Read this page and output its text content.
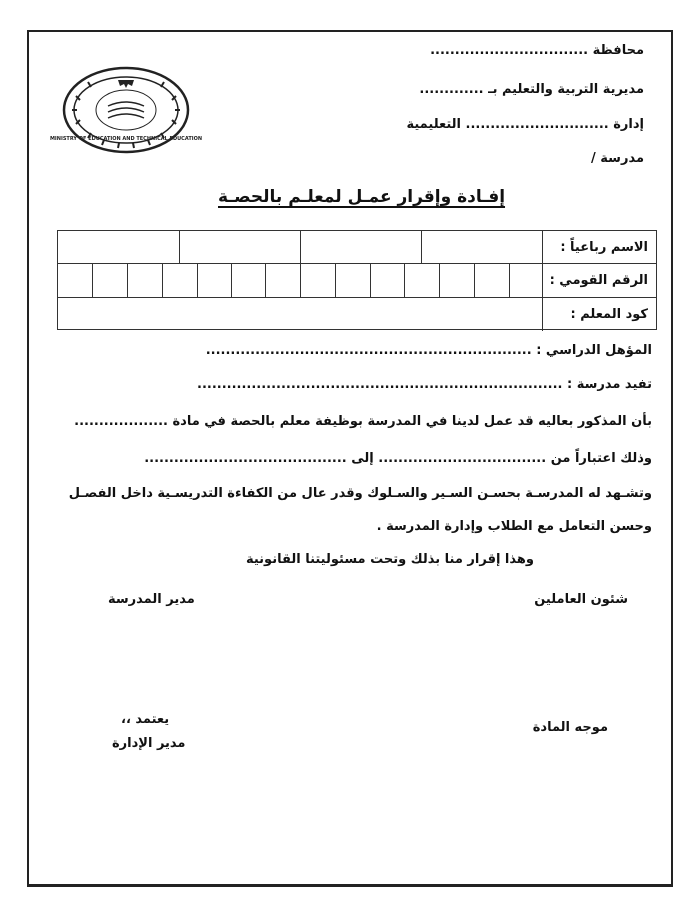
محافظة ................................
مديرية التربية والتعليم بـ .............
إدارة ............................. التعليمية
مدرسة /
MINISTRY OF EDUCATION AND TECHNICAL EDUCATION
إفـادة وإقرار عمـل لمعلـم بالحصـة
الاسم رباعياً :
الرقم القومي :
كود المعلم :
المؤهل الدراسي : ..................................................................
تفيد مدرسة : ..........................................................................
بأن المذكور بعاليه قد عمل لدينا في المدرسة بوظيفة معلم بالحصة في مادة ...................
وذلك اعتباراً من .................................. إلى .........................................
وتشـهد له المدرسـة بحسـن السـير والسـلوك وقدر عال من الكفاءة التدريسـية داخل الفصـل
وحسن التعامل مع الطلاب وإدارة المدرسة .
وهذا إقرار منا بذلك وتحت مسئوليتنا القانونية
شئون العاملين
مدير المدرسة
يعتمد ،،
موجه المادة
مدير الإدارة
